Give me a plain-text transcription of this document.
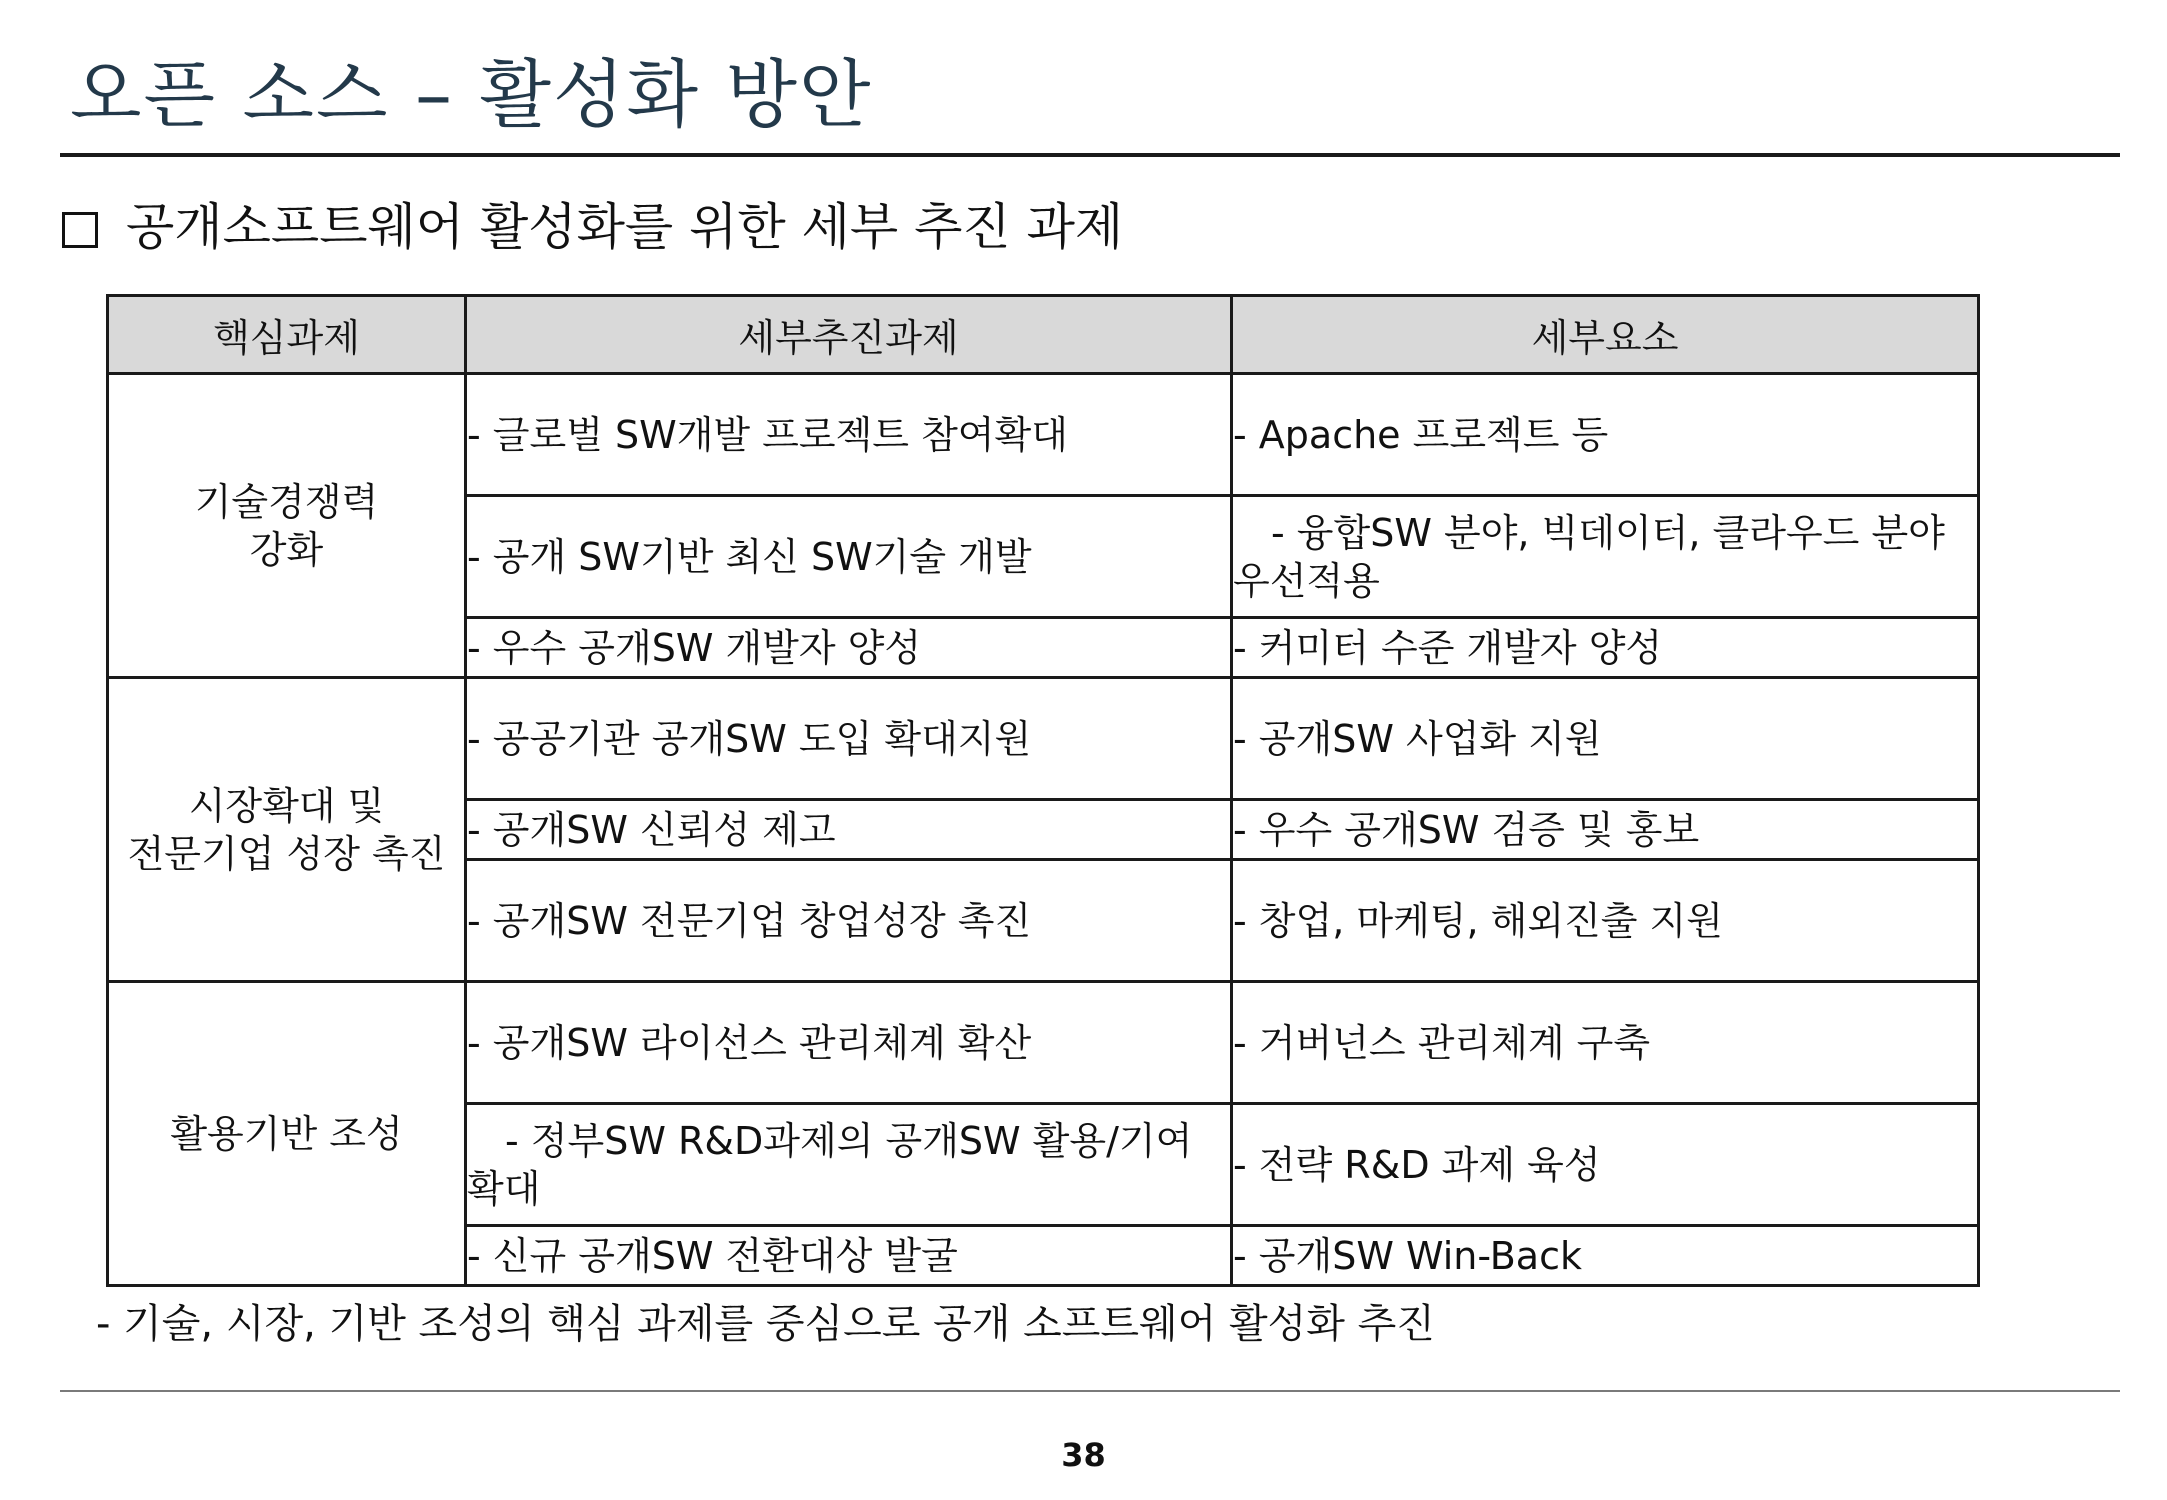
오픈 소스 – 활성화 방안
공개소프트웨어 활성화를 위한 세부 추진 과제
핵심과제	세부추진과제	세부요소

기술경쟁력
강화	- 글로벌 SW개발 프로젝트 참여확대	- Apache 프로젝트 등
	- 공개 SW기반 최신 SW기술 개발	- 융합SW 분야, 빅데이터, 클라우드 분야 우선적용
	- 우수 공개SW 개발자 양성	- 커미터 수준 개발자 양성

시장확대 및
전문기업 성장 촉진	- 공공기관 공개SW 도입 확대지원	- 공개SW 사업화 지원
	- 공개SW 신뢰성 제고	- 우수 공개SW 검증 및 홍보
	- 공개SW 전문기업 창업성장 촉진	- 창업, 마케팅, 해외진출 지원

활용기반 조성	- 공개SW 라이선스 관리체계 확산	- 거버넌스 관리체계 구축
	- 정부SW R&D과제의 공개SW 활용/기여 확대	- 전략 R&D 과제 육성
	- 신규 공개SW 전환대상 발굴	- 공개SW Win-Back
- 기술, 시장, 기반 조성의 핵심 과제를 중심으로 공개 소프트웨어 활성화 추진
38
